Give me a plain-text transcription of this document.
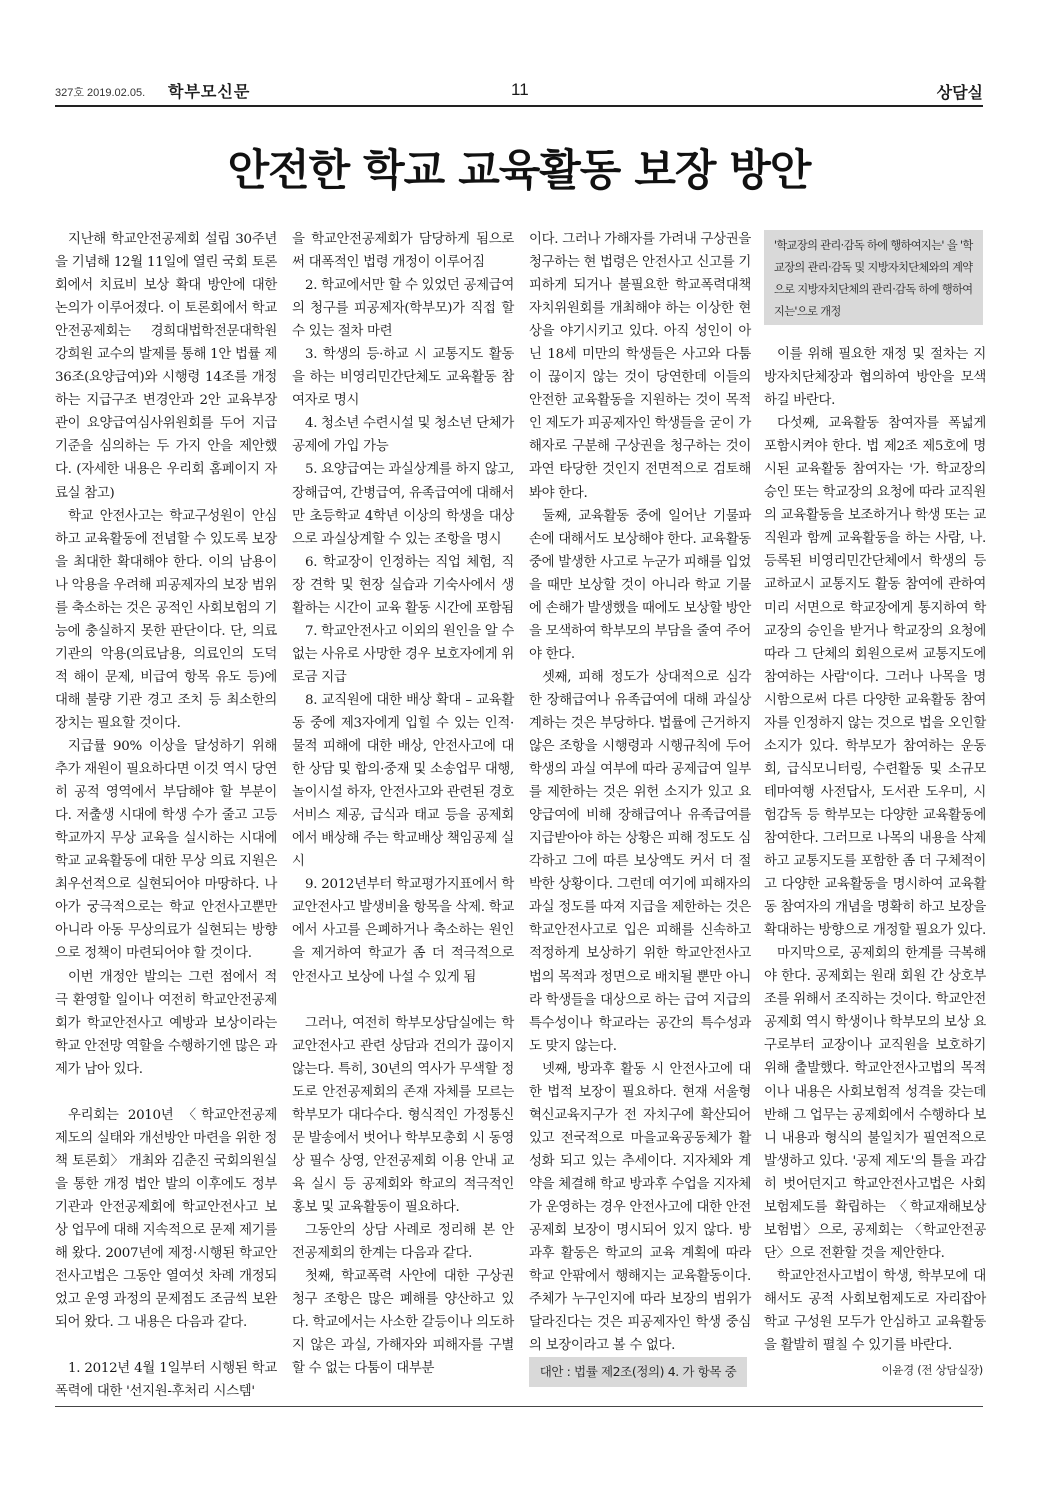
327호 2019.02.05. 학부모신문	11	상담실
안전한 학교 교육활동 보장 방안

지난해 학교안전공제회 설립 30주년을 기념해 12월 11일에 열린 국회 토론회에서 치료비 보상 확대 방안에 대한 논의가 이루어졌다. 이 토론회에서 학교안전공제회는 경희대법학전문대학원 강희원 교수의 발제를 통해 1안 법률 제36조(요양급여)와 시행령 14조를 개정하는 지급구조 변경안과 2안 교육부장관이 요양급여심사위원회를 두어 지급 기준을 심의하는 두 가지 안을 제안했다. (자세한 내용은 우리회 홈페이지 자료실 참고)

학교 안전사고는 학교구성원이 안심하고 교육활동에 전념할 수 있도록 보장을 최대한 확대해야 한다. 이의 남용이나 악용을 우려해 피공제자의 보장 범위를 축소하는 것은 공적인 사회보험의 기능에 충실하지 못한 판단이다. 단, 의료기관의 악용(의료남용, 의료인의 도덕적 해이 문제, 비급여 항목 유도 등)에 대해 불량 기관 경고 조치 등 최소한의 장치는 필요할 것이다.

지급률 90% 이상을 달성하기 위해 추가 재원이 필요하다면 이것 역시 당연히 공적 영역에서 부담해야 할 부분이다. 저출생 시대에 학생 수가 줄고 고등학교까지 무상 교육을 실시하는 시대에 학교 교육활동에 대한 무상 의료 지원은 최우선적으로 실현되어야 마땅하다. 나아가 궁극적으로는 학교 안전사고뿐만 아니라 아동 무상의료가 실현되는 방향으로 정책이 마련되어야 할 것이다.

이번 개정안 발의는 그런 점에서 적극 환영할 일이나 여전히 학교안전공제회가 학교안전사고 예방과 보상이라는 학교 안전망 역할을 수행하기엔 많은 과제가 남아 있다.

우리회는 2010년 〈학교안전공제 제도의 실태와 개선방안 마련을 위한 정책 토론회〉 개최와 김춘진 국회의원실을 통한 개정 법안 발의 이후에도 정부 기관과 안전공제회에 학교안전사고 보상 업무에 대해 지속적으로 문제 제기를 해 왔다. 2007년에 제정·시행된 학교안전사고법은 그동안 열여섯 차례 개정되었고 운영 과정의 문제점도 조금씩 보완되어 왔다. 그 내용은 다음과 같다.

1. 2012년 4월 1일부터 시행된 학교폭력에 대한 '선지원-후처리 시스템'

을 학교안전공제회가 담당하게 됨으로써 대폭적인 법령 개정이 이루어짐

2. 학교에서만 할 수 있었던 공제급여의 청구를 피공제자(학부모)가 직접 할 수 있는 절차 마련

3. 학생의 등·하교 시 교통지도 활동을 하는 비영리민간단체도 교육활동 참여자로 명시

4. 청소년 수련시설 및 청소년 단체가 공제에 가입 가능

5. 요양급여는 과실상계를 하지 않고, 장해급여, 간병급여, 유족급여에 대해서만 초등학교 4학년 이상의 학생을 대상으로 과실상계할 수 있는 조항을 명시

6. 학교장이 인정하는 직업 체험, 직장 견학 및 현장 실습과 기숙사에서 생활하는 시간이 교육 활동 시간에 포함됨

7. 학교안전사고 이외의 원인을 알 수 없는 사유로 사망한 경우 보호자에게 위로금 지급

8. 교직원에 대한 배상 확대 – 교육활동 중에 제3자에게 입힐 수 있는 인적·물적 피해에 대한 배상, 안전사고에 대한 상담 및 합의·중재 및 소송업무 대행, 놀이시설 하자, 안전사고와 관련된 경호서비스 제공, 급식과 태교 등을 공제회에서 배상해 주는 학교배상 책임공제 실시

9. 2012년부터 학교평가지표에서 학교안전사고 발생비율 항목을 삭제. 학교에서 사고를 은폐하거나 축소하는 원인을 제거하여 학교가 좀 더 적극적으로 안전사고 보상에 나설 수 있게 됨

그러나, 여전히 학부모상담실에는 학교안전사고 관련 상담과 건의가 끊이지 않는다. 특히, 30년의 역사가 무색할 정도로 안전공제회의 존재 자체를 모르는 학부모가 대다수다. 형식적인 가정통신문 발송에서 벗어나 학부모총회 시 동영상 필수 상영, 안전공제회 이용 안내 교육 실시 등 공제회와 학교의 적극적인 홍보 및 교육활동이 필요하다.

그동안의 상담 사례로 정리해 본 안전공제회의 한계는 다음과 같다.

첫째, 학교폭력 사안에 대한 구상권 청구 조항은 많은 폐해를 양산하고 있다. 학교에서는 사소한 갈등이나 의도하지 않은 과실, 가해자와 피해자를 구별할 수 없는 다툼이 대부분

이다. 그러나 가해자를 가려내 구상권을 청구하는 현 법령은 안전사고 신고를 기피하게 되거나 불필요한 학교폭력대책자치위원회를 개최해야 하는 이상한 현상을 야기시키고 있다. 아직 성인이 아닌 18세 미만의 학생들은 사고와 다툼이 끊이지 않는 것이 당연한데 이들의 안전한 교육활동을 지원하는 것이 목적인 제도가 피공제자인 학생들을 굳이 가해자로 구분해 구상권을 청구하는 것이 과연 타당한 것인지 전면적으로 검토해 봐야 한다.

둘째, 교육활동 중에 일어난 기물파손에 대해서도 보상해야 한다. 교육활동 중에 발생한 사고로 누군가 피해를 입었을 때만 보상할 것이 아니라 학교 기물에 손해가 발생했을 때에도 보상할 방안을 모색하여 학부모의 부담을 줄여 주어야 한다.

셋째, 피해 정도가 상대적으로 심각한 장해급여나 유족급여에 대해 과실상계하는 것은 부당하다. 법률에 근거하지 않은 조항을 시행령과 시행규칙에 두어 학생의 과실 여부에 따라 공제급여 일부를 제한하는 것은 위헌 소지가 있고 요양급여에 비해 장해급여나 유족급여를 지급받아야 하는 상황은 피해 정도도 심각하고 그에 따른 보상액도 커서 더 절박한 상황이다. 그런데 여기에 피해자의 과실 정도를 따져 지급을 제한하는 것은 학교안전사고로 입은 피해를 신속하고 적정하게 보상하기 위한 학교안전사고법의 목적과 정면으로 배치될 뿐만 아니라 학생들을 대상으로 하는 급여 지급의 특수성이나 학교라는 공간의 특수성과도 맞지 않는다.

넷째, 방과후 활동 시 안전사고에 대한 법적 보장이 필요하다. 현재 서울형 혁신교육지구가 전 자치구에 확산되어 있고 전국적으로 마을교육공동체가 활성화 되고 있는 추세이다. 지자체와 계약을 체결해 학교 방과후 수업을 지자체가 운영하는 경우 안전사고에 대한 안전공제회 보장이 명시되어 있지 않다. 방과후 활동은 학교의 교육 계획에 따라 학교 안팎에서 행해지는 교육활동이다. 주체가 누구인지에 따라 보장의 범위가 달라진다는 것은 피공제자인 학생 중심의 보장이라고 볼 수 없다.

대안 : 법률 제2조(정의) 4. 가 항목 중
'학교장의 관리·감독 하에 행하여지는' 을 '학교장의 관리·감독 및 지방자치단체와의 계약으로 지방자치단체의 관리·감독 하에 행하여지는'으로 개정

이를 위해 필요한 재정 및 절차는 지방자치단체장과 협의하여 방안을 모색하길 바란다.

다섯째, 교육활동 참여자를 폭넓게 포함시켜야 한다. 법 제2조 제5호에 명시된 교육활동 참여자는 '가. 학교장의 승인 또는 학교장의 요청에 따라 교직원의 교육활동을 보조하거나 학생 또는 교직원과 함께 교육활동을 하는 사람, 나. 등록된 비영리민간단체에서 학생의 등교하교시 교통지도 활동 참여에 관하여 미리 서면으로 학교장에게 통지하여 학교장의 승인을 받거나 학교장의 요청에 따라 그 단체의 회원으로써 교통지도에 참여하는 사람'이다. 그러나 나목을 명시함으로써 다른 다양한 교육활동 참여자를 인정하지 않는 것으로 법을 오인할 소지가 있다. 학부모가 참여하는 운동회, 급식모니터링, 수련활동 및 소규모테마여행 사전답사, 도서관 도우미, 시험감독 등 학부모는 다양한 교육활동에 참여한다. 그러므로 나목의 내용을 삭제하고 교통지도를 포함한 좀 더 구체적이고 다양한 교육활동을 명시하여 교육활동 참여자의 개념을 명확히 하고 보장을 확대하는 방향으로 개정할 필요가 있다.

마지막으로, 공제회의 한계를 극복해야 한다. 공제회는 원래 회원 간 상호부조를 위해서 조직하는 것이다. 학교안전공제회 역시 학생이나 학부모의 보상 요구로부터 교장이나 교직원을 보호하기 위해 출발했다. 학교안전사고법의 목적이나 내용은 사회보험적 성격을 갖는데 반해 그 업무는 공제회에서 수행하다 보니 내용과 형식의 불일치가 필연적으로 발생하고 있다. '공제 제도'의 틀을 과감히 벗어던지고 학교안전사고법은 사회보험제도를 확립하는 〈학교재해보상 보험법〉으로, 공제회는 〈학교안전공단〉으로 전환할 것을 제안한다.

학교안전사고법이 학생, 학부모에 대해서도 공적 사회보험제도로 자리잡아 학교 구성원 모두가 안심하고 교육활동을 활발히 펼칠 수 있기를 바란다.

이윤경 (전 상담실장)
